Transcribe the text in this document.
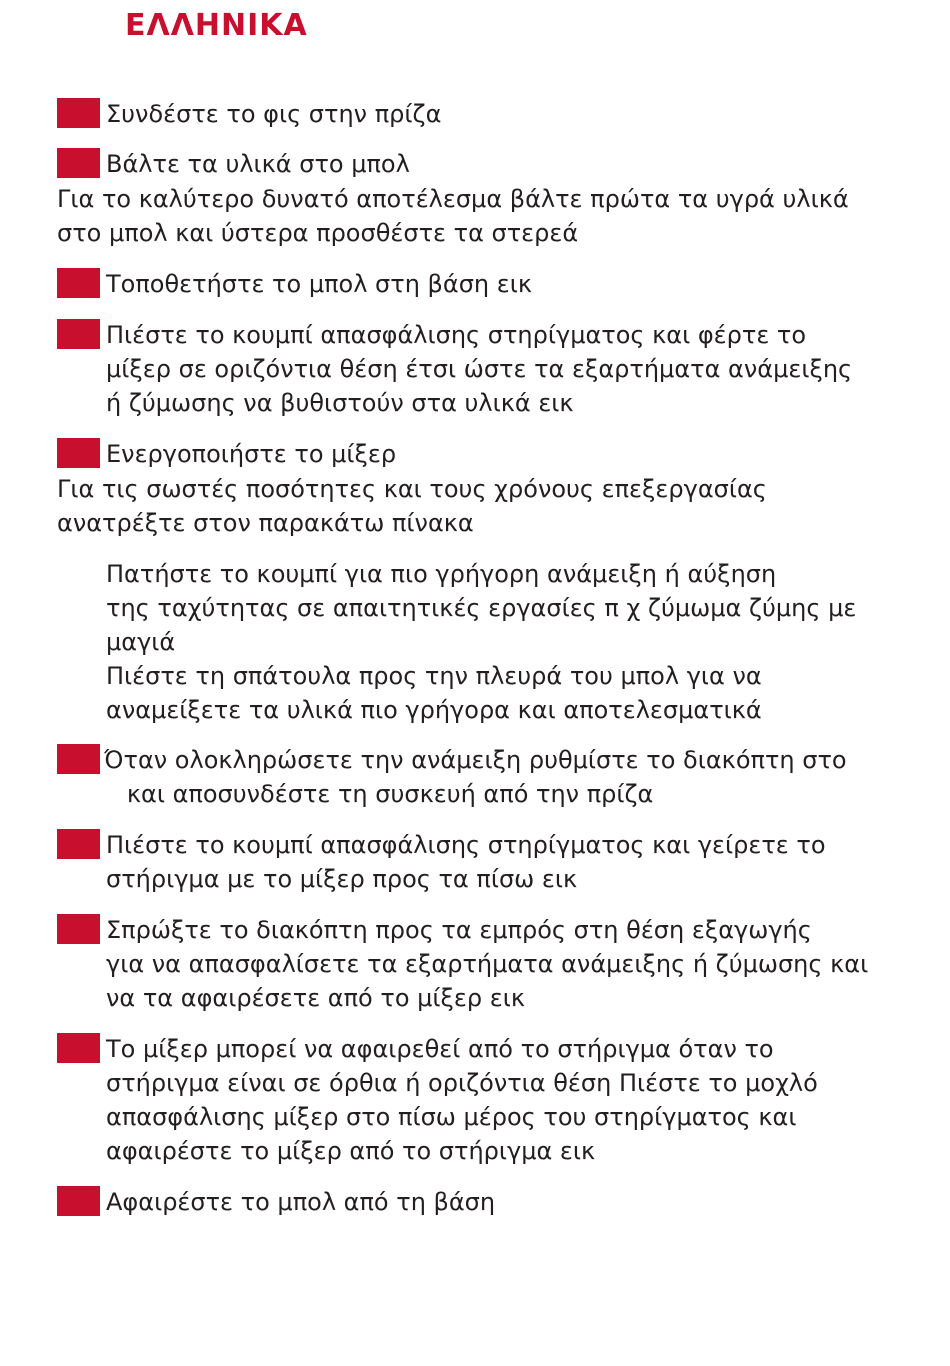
ΕΛΛΗΝΙΚΑ
Συνδέστε το φις στην πρίζα
Βάλτε τα υλικά στο μπολ
Για το καλύτερο δυνατό αποτέλεσμα βάλτε πρώτα τα υγρά υλικά
στο μπολ και ύστερα προσθέστε τα στερεά
Τοποθετήστε το μπολ στη βάση εικ
Πιέστε το κουμπί απασφάλισης στηρίγματος και φέρτε το
μίξερ σε οριζόντια θέση έτσι ώστε τα εξαρτήματα ανάμειξης
ή ζύμωσης να βυθιστούν στα υλικά εικ
Ενεργοποιήστε το μίξερ
Για τις σωστές ποσότητες και τους χρόνους επεξεργασίας
ανατρέξτε στον παρακάτω πίνακα
Πατήστε το κουμπί για πιο γρήγορη ανάμειξη ή αύξηση
της ταχύτητας σε απαιτητικές εργασίες π χ ζύμωμα ζύμης με
μαγιά
Πιέστε τη σπάτουλα προς την πλευρά του μπολ για να
αναμείξετε τα υλικά πιο γρήγορα και αποτελεσματικά
Όταν ολοκληρώσετε την ανάμειξη ρυθμίστε το διακόπτη στο
και αποσυνδέστε τη συσκευή από την πρίζα
Πιέστε το κουμπί απασφάλισης στηρίγματος και γείρετε το
στήριγμα με το μίξερ προς τα πίσω εικ
Σπρώξτε το διακόπτη προς τα εμπρός στη θέση εξαγωγής
για να απασφαλίσετε τα εξαρτήματα ανάμειξης ή ζύμωσης και
να τα αφαιρέσετε από το μίξερ εικ
Το μίξερ μπορεί να αφαιρεθεί από το στήριγμα όταν το
στήριγμα είναι σε όρθια ή οριζόντια θέση Πιέστε το μοχλό
απασφάλισης μίξερ στο πίσω μέρος του στηρίγματος και
αφαιρέστε το μίξερ από το στήριγμα εικ
Αφαιρέστε το μπολ από τη βάση
